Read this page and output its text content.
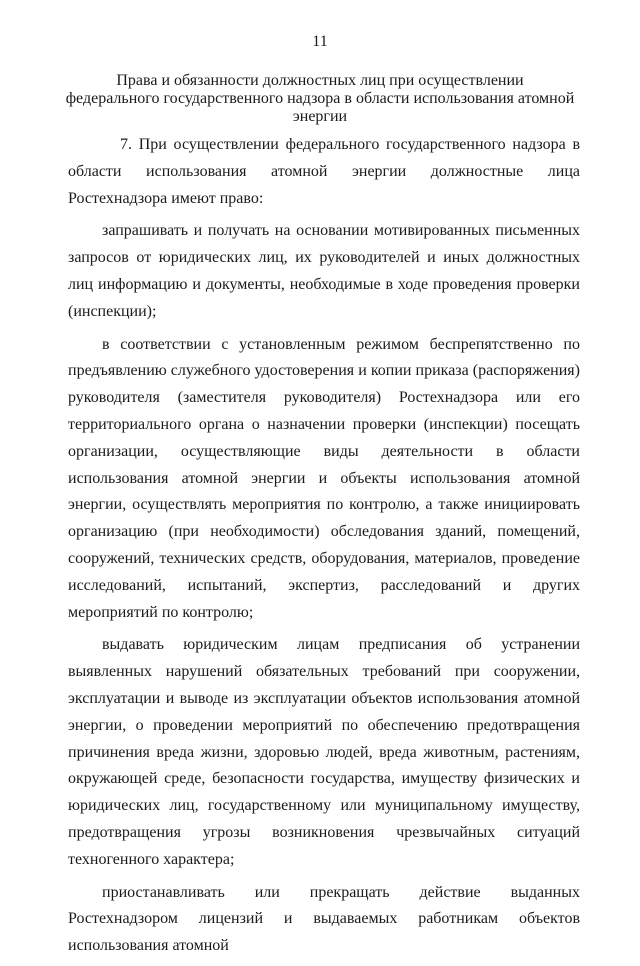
11
Права и обязанности должностных лиц при осуществлении
федерального государственного надзора в области использования атомной
энергии

7. При осуществлении федерального государственного надзора в области использования атомной энергии должностные лица Ростехнадзора имеют право:

запрашивать и получать на основании мотивированных письменных запросов от юридических лиц, их руководителей и иных должностных лиц информацию и документы, необходимые в ходе проведения проверки (инспекции);

в соответствии с установленным режимом беспрепятственно по предъявлению служебного удостоверения и копии приказа (распоряжения) руководителя (заместителя руководителя) Ростехнадзора или его территориального органа о назначении проверки (инспекции) посещать организации, осуществляющие виды деятельности в области использования атомной энергии и объекты использования атомной энергии, осуществлять мероприятия по контролю, а также инициировать организацию (при необходимости) обследования зданий, помещений, сооружений, технических средств, оборудования, материалов, проведение исследований, испытаний, экспертиз, расследований и других мероприятий по контролю;

выдавать юридическим лицам предписания об устранении выявленных нарушений обязательных требований при сооружении, эксплуатации и выводе из эксплуатации объектов использования атомной энергии, о проведении мероприятий по обеспечению предотвращения причинения вреда жизни, здоровью людей, вреда животным, растениям, окружающей среде, безопасности государства, имуществу физических и юридических лиц, государственному или муниципальному имуществу, предотвращения угрозы возникновения чрезвычайных ситуаций техногенного характера;

приостанавливать или прекращать действие выданных Ростехнадзором лицензий и выдаваемых работникам объектов использования атомной
